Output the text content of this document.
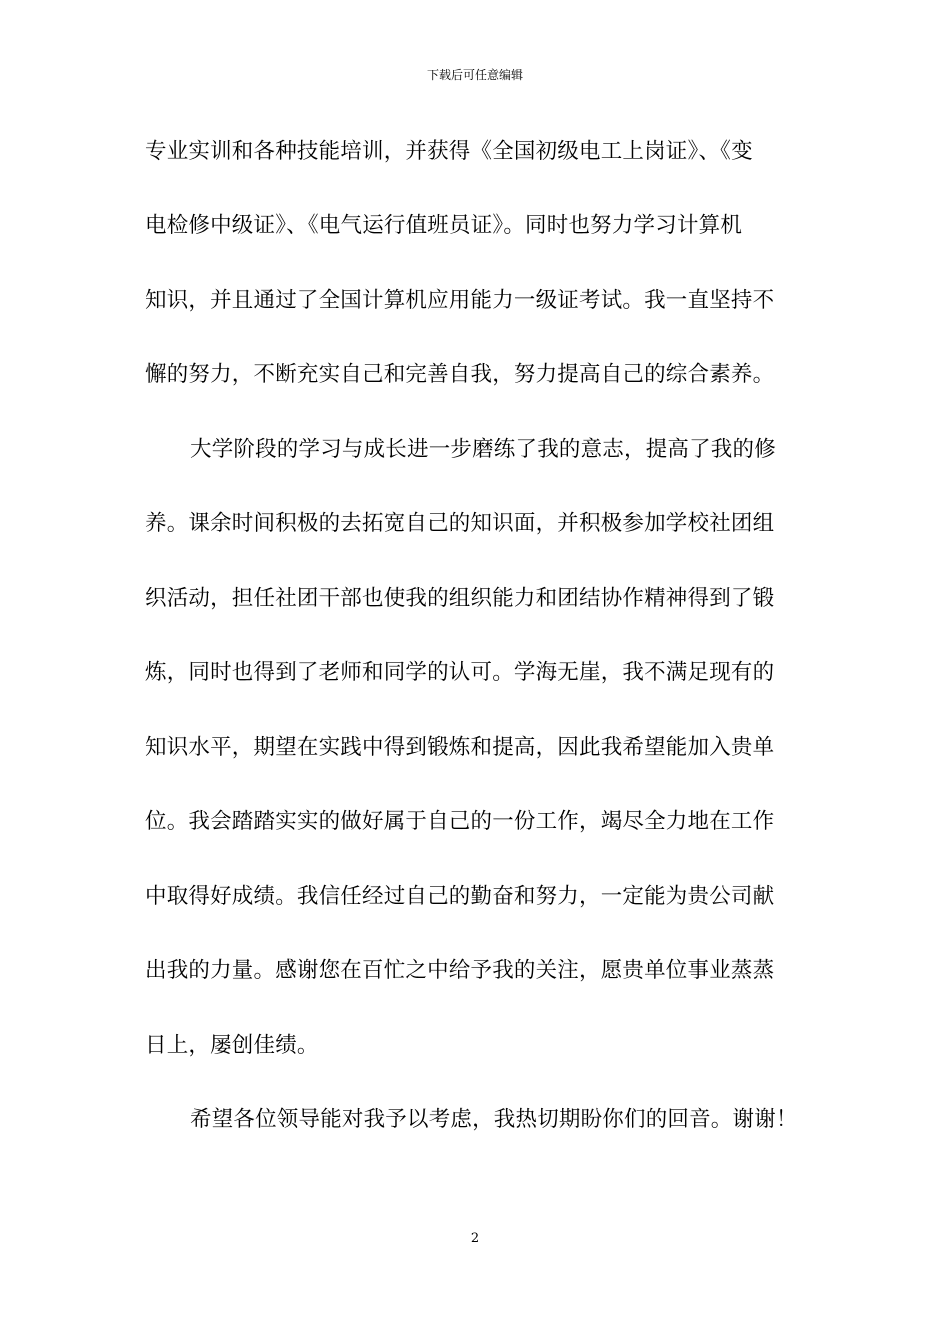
下载后可任意编辑
专业实训和各种技能培训，并获得《全国初级电工上岗证》、《变
电检修中级证》、《电气运行值班员证》。同时也努力学习计算机
知识，并且通过了全国计算机应用能力一级证考试。我一直坚持不
懈的努力，不断充实自己和完善自我，努力提高自己的综合素养。
大学阶段的学习与成长进一步磨练了我的意志，提高了我的修
养。课余时间积极的去拓宽自己的知识面，并积极参加学校社团组
织活动，担任社团干部也使我的组织能力和团结协作精神得到了锻
炼，同时也得到了老师和同学的认可。学海无崖，我不满足现有的
知识水平，期望在实践中得到锻炼和提高，因此我希望能加入贵单
位。我会踏踏实实的做好属于自己的一份工作，竭尽全力地在工作
中取得好成绩。我信任经过自己的勤奋和努力，一定能为贵公司献
出我的力量。感谢您在百忙之中给予我的关注，愿贵单位事业蒸蒸
日上，屡创佳绩。
希望各位领导能对我予以考虑，我热切期盼你们的回音。谢谢！
2
